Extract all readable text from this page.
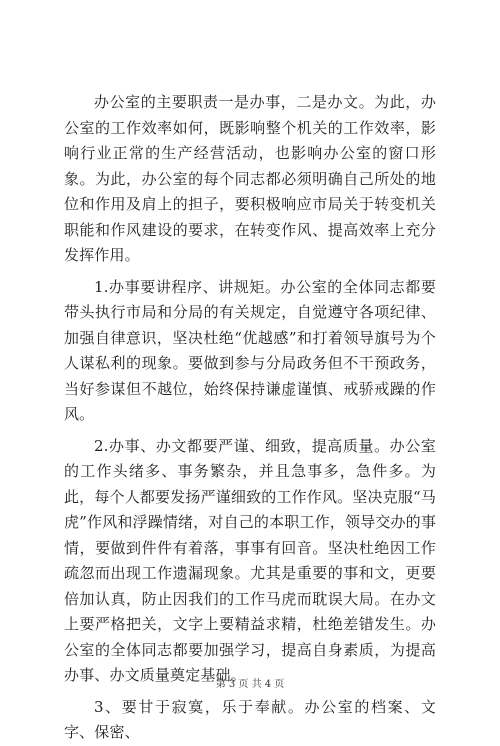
办公室的主要职责一是办事，二是办文。为此，办公室的工作效率如何，既影响整个机关的工作效率，影响行业正常的生产经营活动，也影响办公室的窗口形象。为此，办公室的每个同志都必须明确自己所处的地位和作用及肩上的担子，要积极响应市局关于转变机关职能和作风建设的要求，在转变作风、提高效率上充分发挥作用。

1.办事要讲程序、讲规矩。办公室的全体同志都要带头执行市局和分局的有关规定，自觉遵守各项纪律、加强自律意识，坚决杜绝“优越感”和打着领导旗号为个人谋私利的现象。要做到参与分局政务但不干预政务，当好参谋但不越位，始终保持谦虚谨慎、戒骄戒躁的作风。

2.办事、办文都要严谨、细致，提高质量。办公室的工作头绪多、事务繁杂，并且急事多，急件多。为此，每个人都要发扬严谨细致的工作作风。坚决克服“马虎”作风和浮躁情绪，对自己的本职工作，领导交办的事情，要做到件件有着落，事事有回音。坚决杜绝因工作疏忽而出现工作遗漏现象。尤其是重要的事和文，更要倍加认真，防止因我们的工作马虎而耽误大局。在办文上要严格把关，文字上要精益求精，杜绝差错发生。办公室的全体同志都要加强学习，提高自身素质，为提高办事、办文质量奠定基础。

3、要甘于寂寞，乐于奉献。办公室的档案、文字、保密、

第 3 页 共 4 页
